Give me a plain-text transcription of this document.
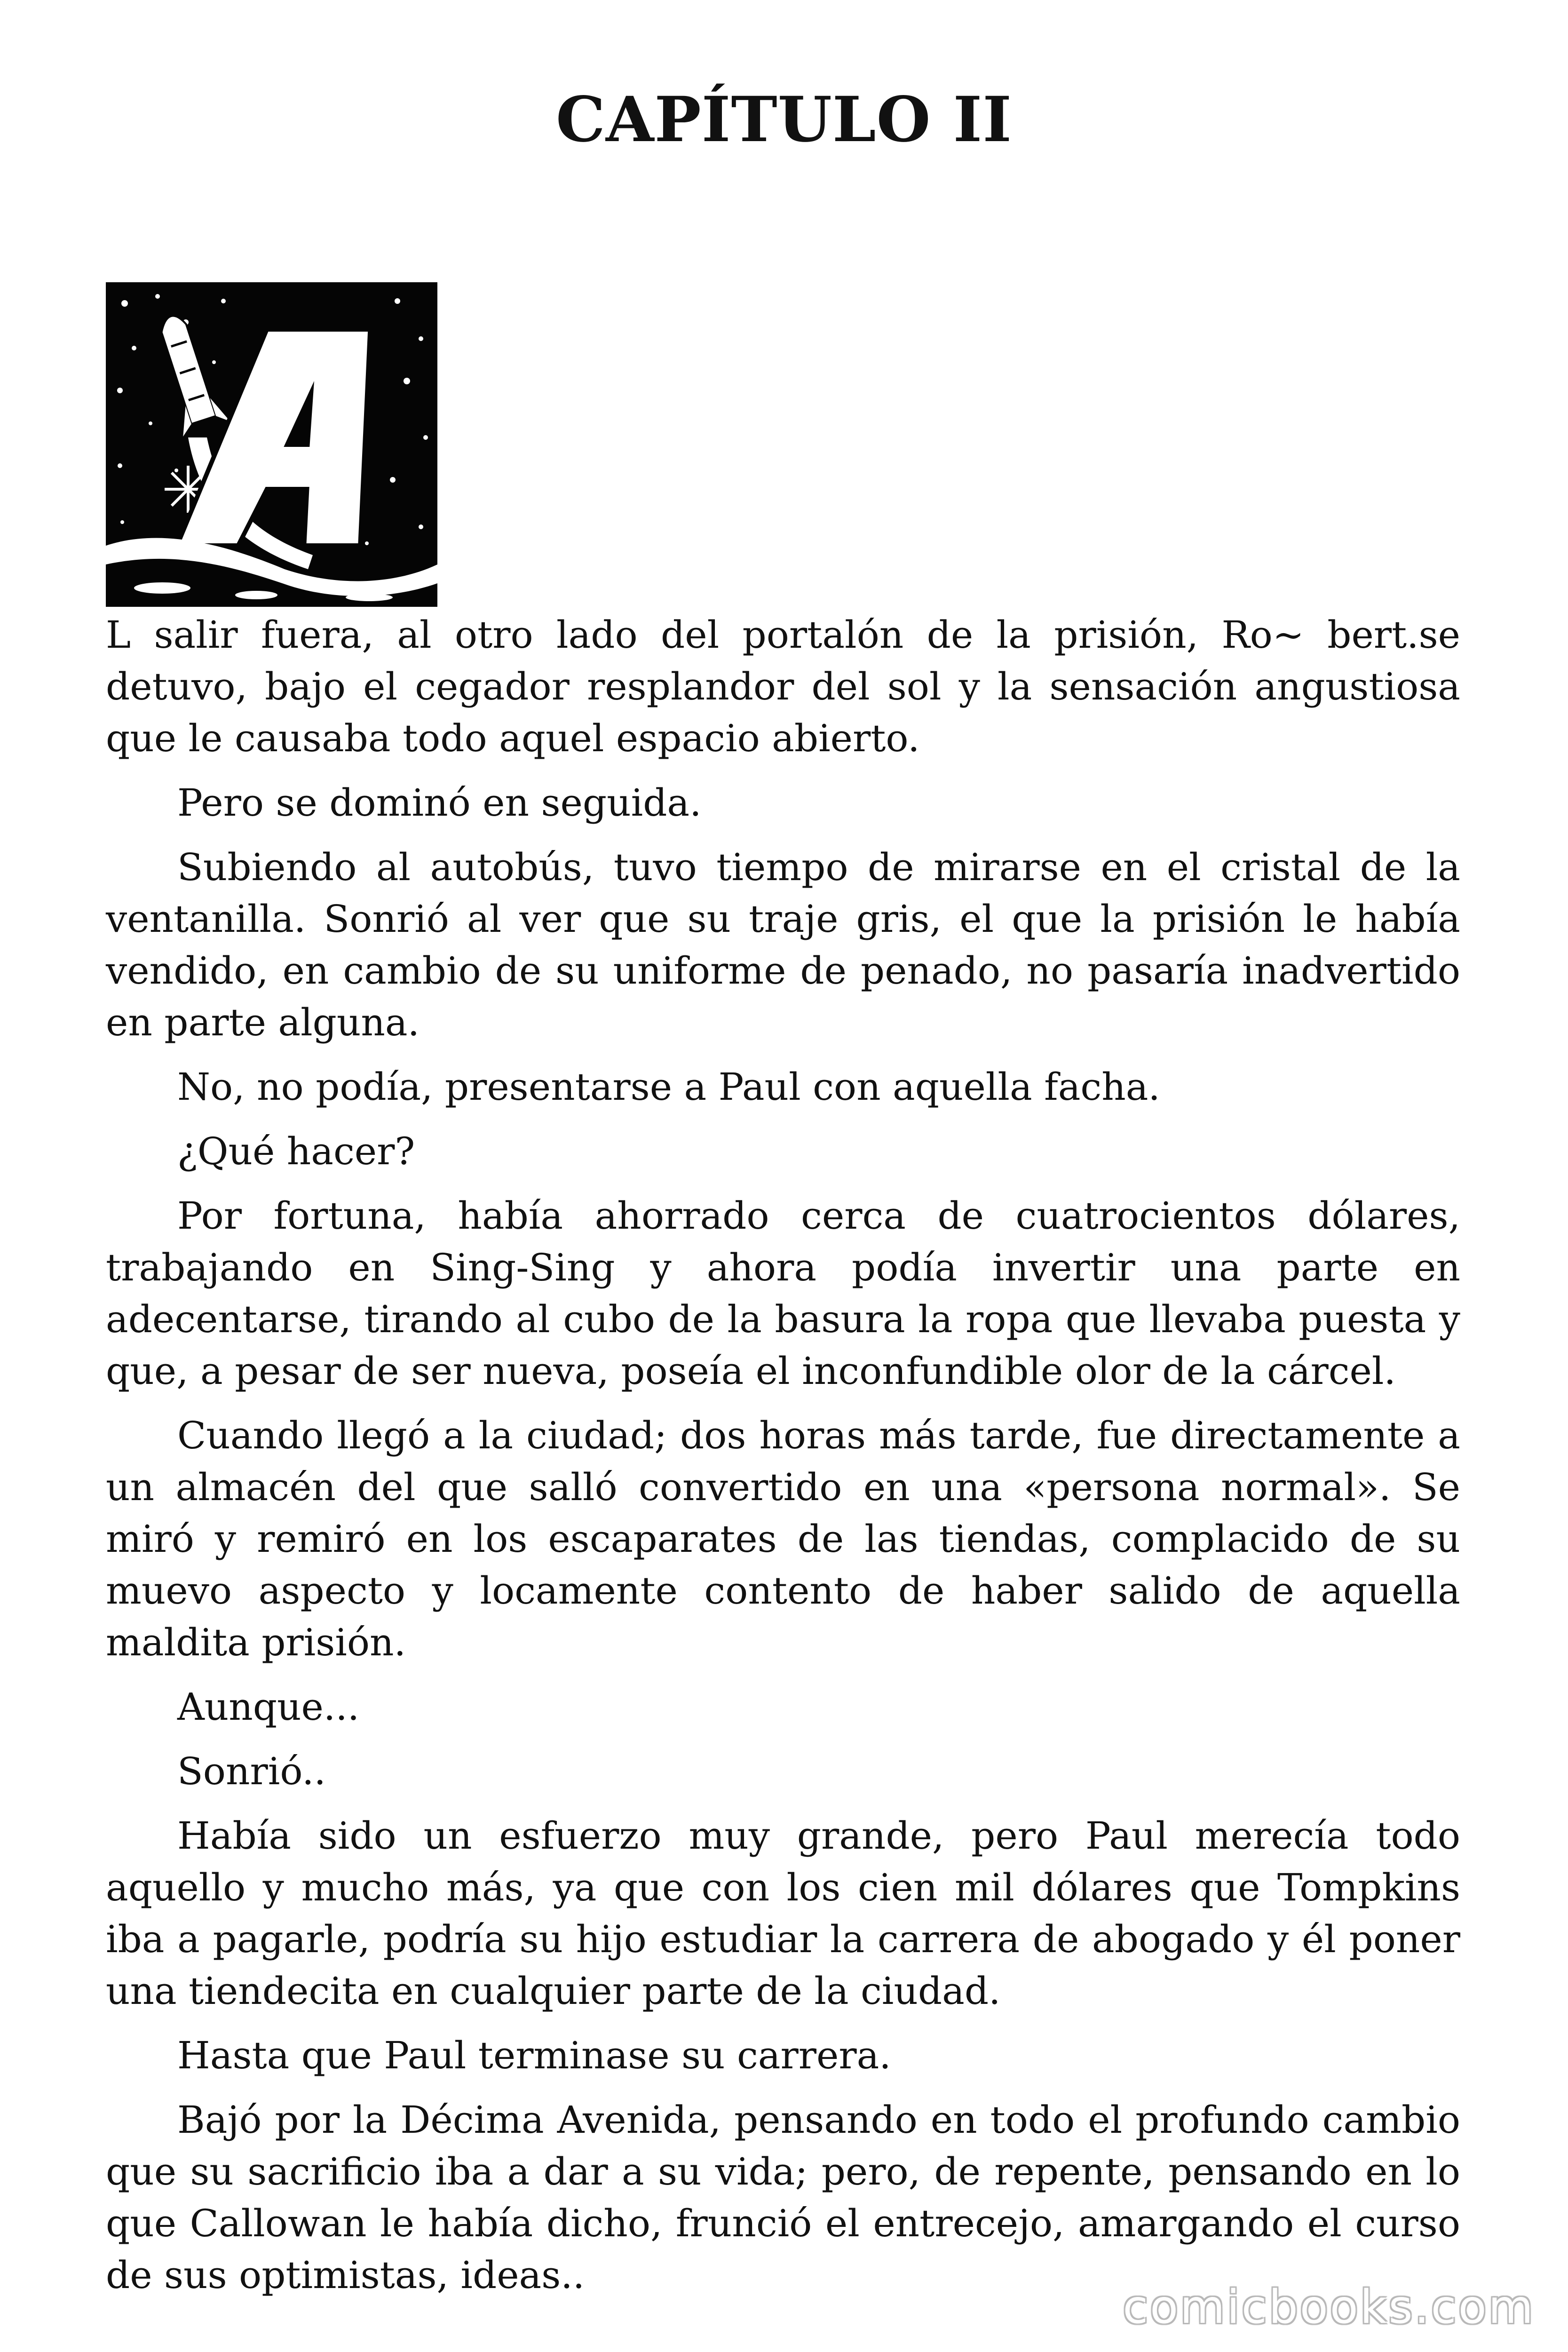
CAPÍTULO II

L salir fuera, al otro lado del portalón de la prisión, Ro~ bert.se detuvo, bajo el cegador resplandor del sol y la sensación angustiosa que le causaba todo aquel espacio abierto.

Pero se dominó en seguida.

Subiendo al autobús, tuvo tiempo de mirarse en el cristal de la ventanilla. Sonrió al ver que su traje gris, el que la prisión le había vendido, en cambio de su uniforme de penado, no pasaría inadvertido en parte alguna.

No, no podía, presentarse a Paul con aquella facha.

¿Qué hacer?

Por fortuna, había ahorrado cerca de cuatrocientos dólares, trabajando en Sing-Sing y ahora podía invertir una parte en adecentarse, tirando al cubo de la basura la ropa que llevaba puesta y que, a pesar de ser nueva, poseía el inconfundible olor de la cárcel.

Cuando llegó a la ciudad; dos horas más tarde, fue directamente a un almacén del que salló convertido en una «persona normal». Se miró y remiró en los escaparates de las tiendas, complacido de su muevo aspecto y locamente contento de haber salido de aquella maldita prisión.

Aunque...

Sonrió..

Había sido un esfuerzo muy grande, pero Paul merecía todo aquello y mucho más, ya que con los cien mil dólares que Tompkins iba a pagarle, podría su hijo estudiar la carrera de abogado y él poner una tiendecita en cualquier parte de la ciudad.

Hasta que Paul terminase su carrera.

Bajó por la Décima Avenida, pensando en todo el profundo cambio que su sacrificio iba a dar a su vida; pero, de repente, pensando en lo que Callowan le había dicho, frunció el entrecejo, amargando el curso de sus optimistas, ideas..

comicbooks.com
